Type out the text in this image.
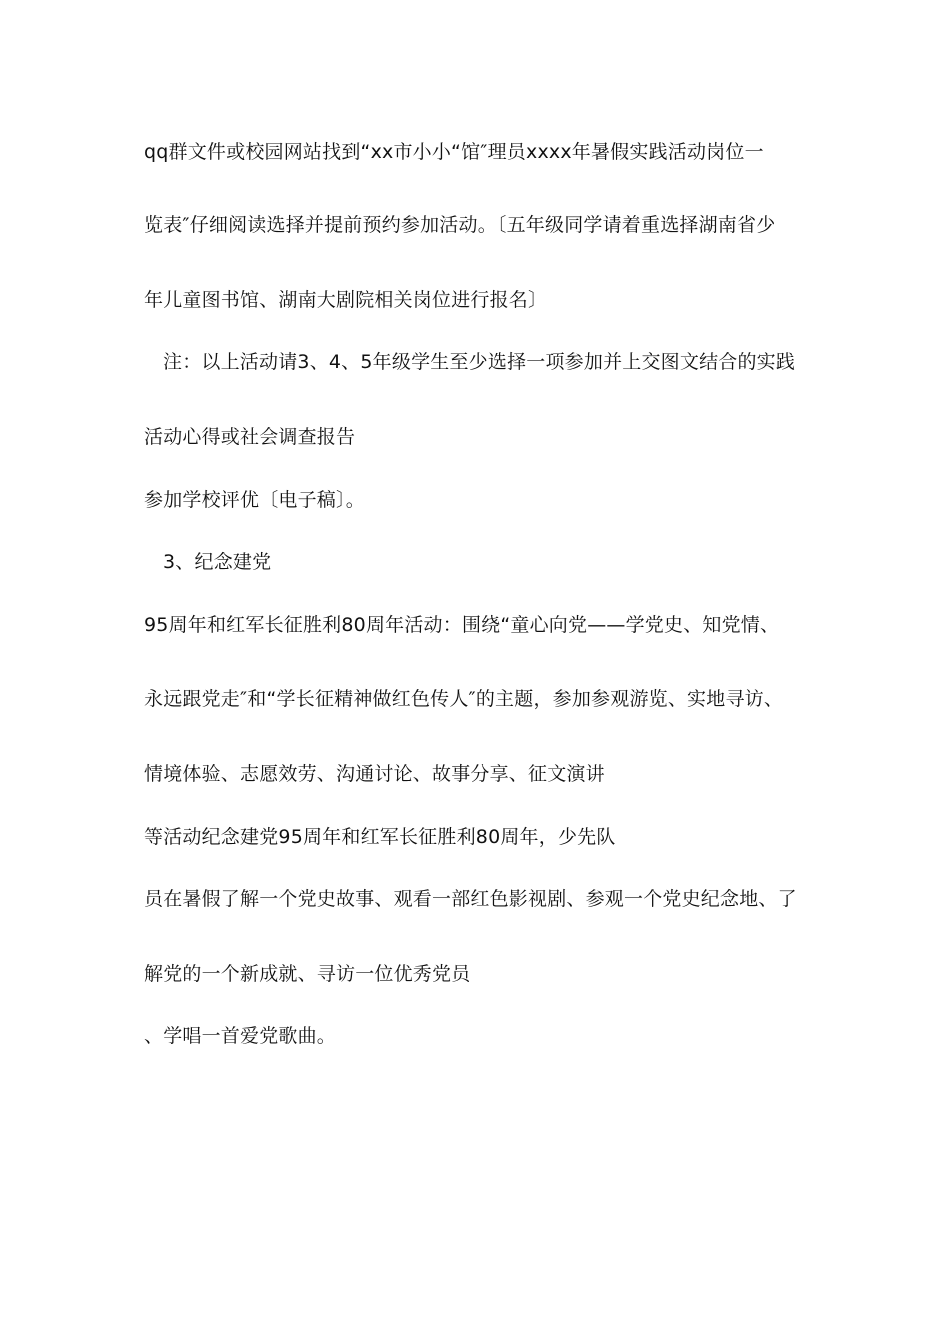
qq群文件或校园网站找到“xx市小小“馆″理员xxxx年暑假实践活动岗位一
览表″仔细阅读选择并提前预约参加活动。〔五年级同学请着重选择湖南省少
年儿童图书馆、湖南大剧院相关岗位进行报名〕
注：以上活动请3、4、5年级学生至少选择一项参加并上交图文结合的实践
活动心得或社会调查报告
参加学校评优〔电子稿〕。
3、纪念建党
95周年和红军长征胜利80周年活动：围绕“童心向党——学党史、知党情、
永远跟党走″和“学长征精神做红色传人″的主题，参加参观游览、实地寻访、
情境体验、志愿效劳、沟通讨论、故事分享、征文演讲
等活动纪念建党95周年和红军长征胜利80周年，少先队
员在暑假了解一个党史故事、观看一部红色影视剧、参观一个党史纪念地、了
解党的一个新成就、寻访一位优秀党员
、学唱一首爱党歌曲。
